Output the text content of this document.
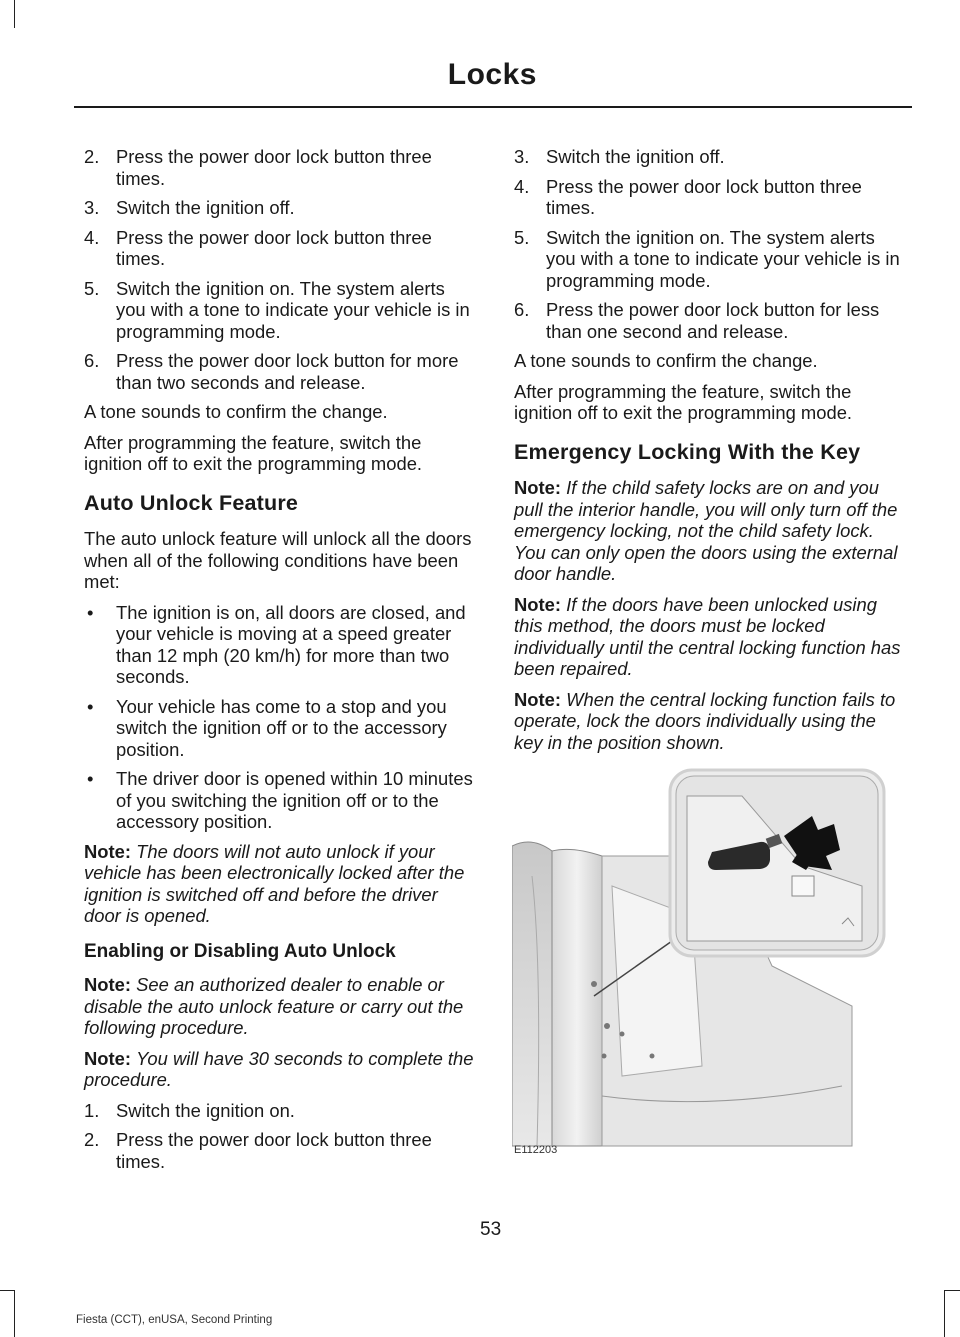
Locks
2. Press the power door lock button three times.
3. Switch the ignition off.
4. Press the power door lock button three times.
5. Switch the ignition on. The system alerts you with a tone to indicate your vehicle is in programming mode.
6. Press the power door lock button for more than two seconds and release.

A tone sounds to confirm the change.

After programming the feature, switch the ignition off to exit the programming mode.

Auto Unlock Feature

The auto unlock feature will unlock all the doors when all of the following conditions have been met:

• The ignition is on, all doors are closed, and your vehicle is moving at a speed greater than 12 mph (20 km/h) for more than two seconds.
• Your vehicle has come to a stop and you switch the ignition off or to the accessory position.
• The driver door is opened within 10 minutes of you switching the ignition off or to the accessory position.

Note: The doors will not auto unlock if your vehicle has been electronically locked after the ignition is switched off and before the driver door is opened.

Enabling or Disabling Auto Unlock

Note: See an authorized dealer to enable or disable the auto unlock feature or carry out the following procedure.

Note: You will have 30 seconds to complete the procedure.

1. Switch the ignition on.
2. Press the power door lock button three times.
3. Switch the ignition off.
4. Press the power door lock button three times.
5. Switch the ignition on. The system alerts you with a tone to indicate your vehicle is in programming mode.
6. Press the power door lock button for less than one second and release.

A tone sounds to confirm the change.

After programming the feature, switch the ignition off to exit the programming mode.

Emergency Locking With the Key

Note: If the child safety locks are on and you pull the interior handle, you will only turn off the emergency locking, not the child safety lock. You can only open the doors using the external door handle.

Note: If the doors have been unlocked using this method, the doors must be locked individually until the central locking function has been repaired.

Note: When the central locking function fails to operate, lock the doors individually using the key in the position shown.

E112203
53
Fiesta (CCT), enUSA, Second Printing
